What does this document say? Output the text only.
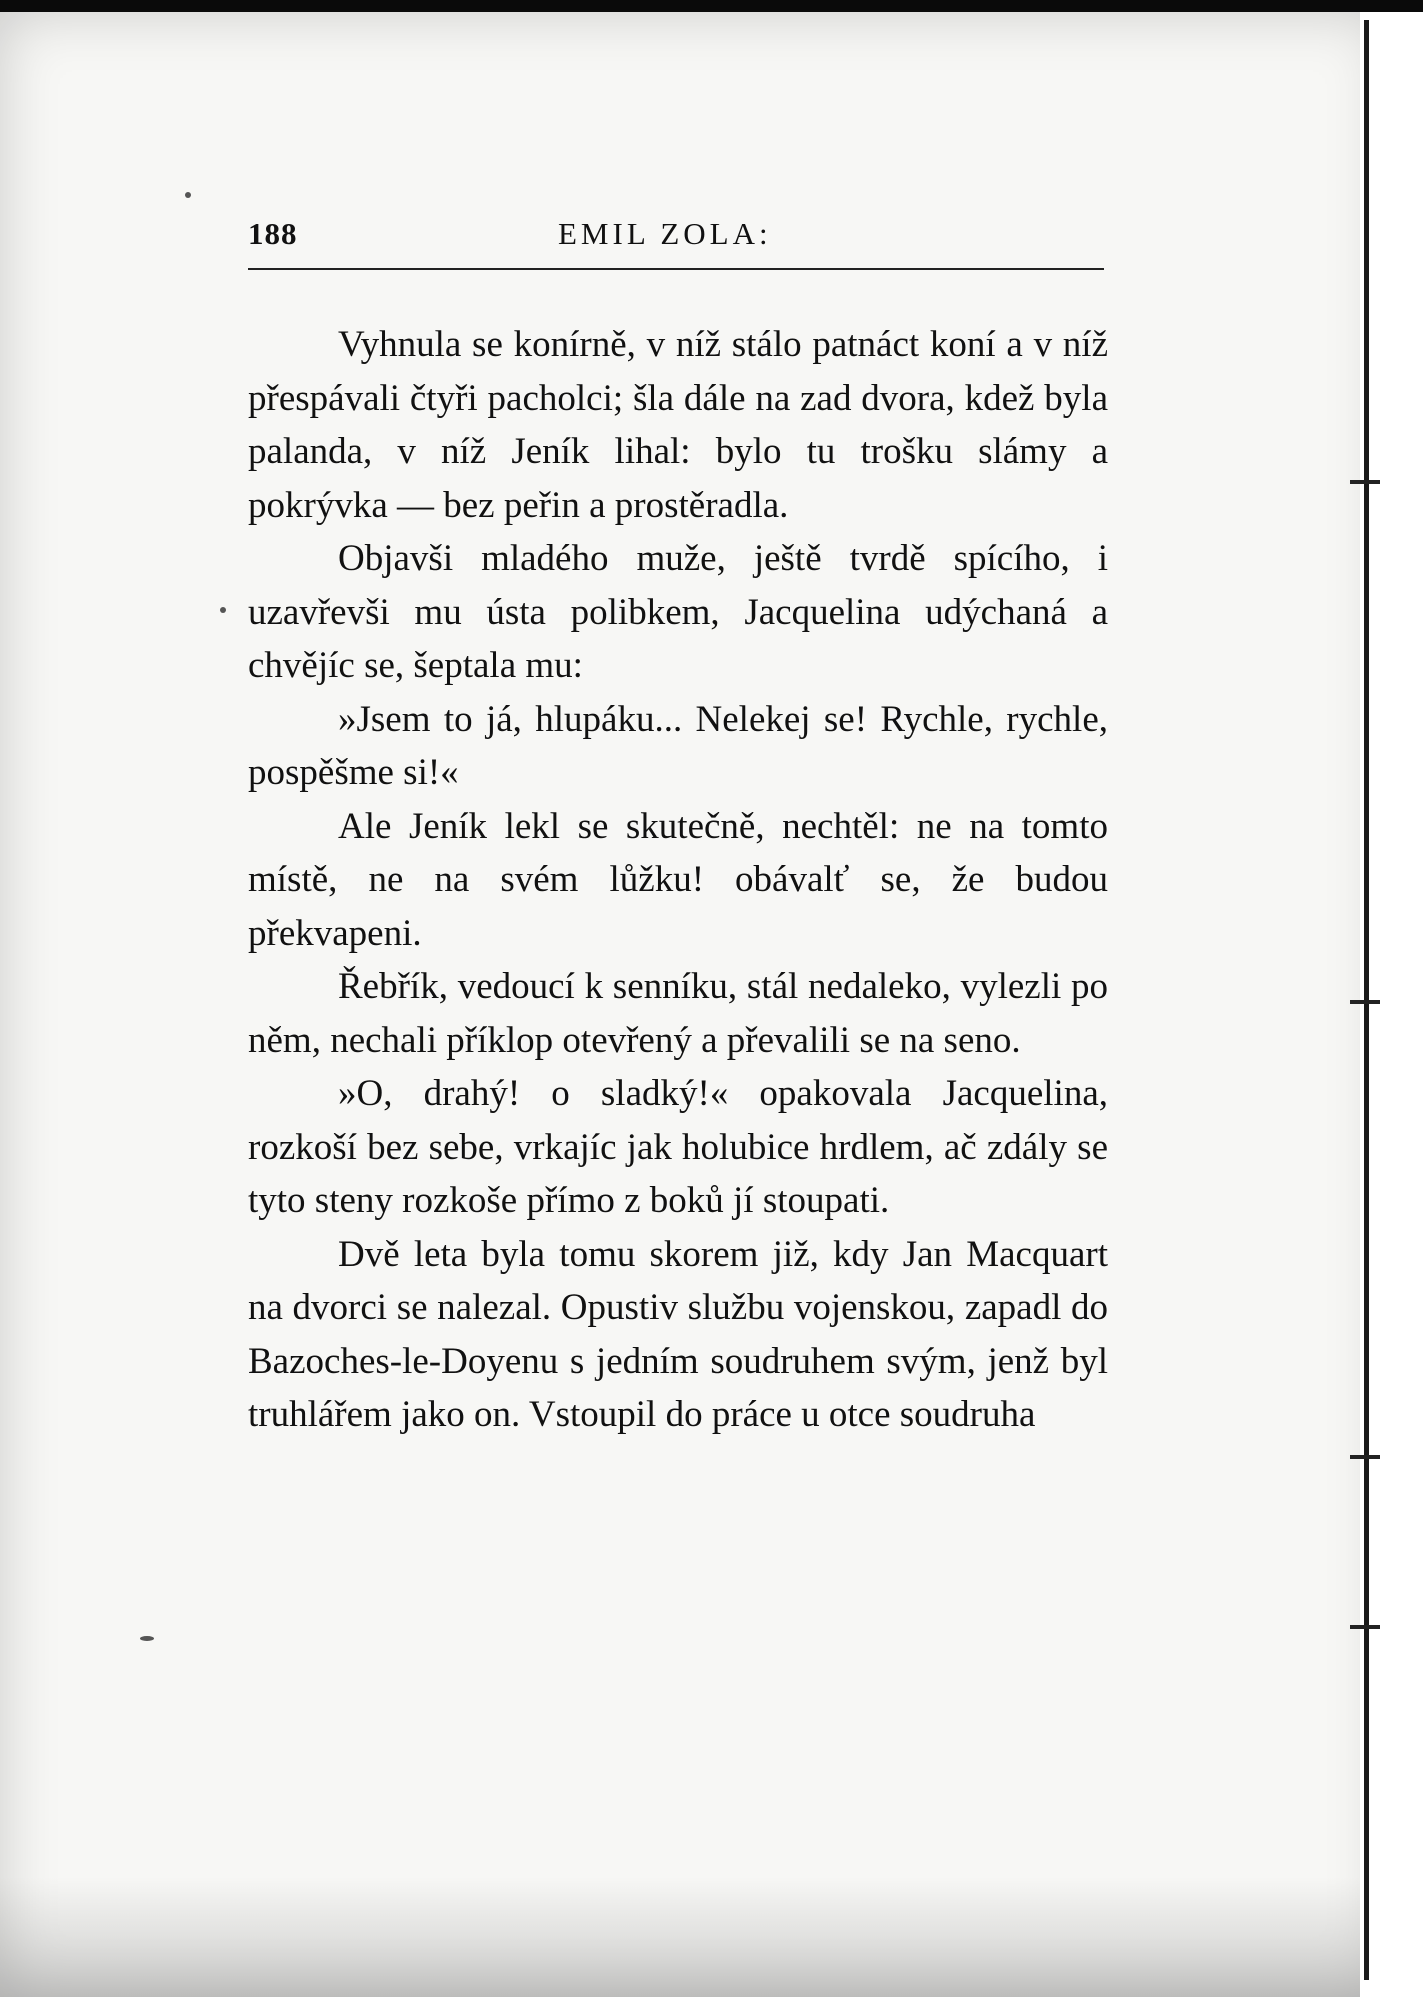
188	EMIL ZOLA:

Vyhnula se konírně, v níž stálo patnáct koní a v níž přespávali čtyři pacholci; šla dále na zad dvora, kdež byla palanda, v níž Jeník lihal: bylo tu trošku slámy a pokrývka — bez peřin a prostěradla.

Objavši mladého muže, ještě tvrdě spícího, i uzavřevši mu ústa polibkem, Jacquelina udýchaná a chvějíc se, šeptala mu:

»Jsem to já, hlupáku... Nelekej se! Rychle, rychle, pospěšme si!«

Ale Jeník lekl se skutečně, nechtěl: ne na tomto místě, ne na svém lůžku! obávalť se, že budou překvapeni.

Řebřík, vedoucí k senníku, stál nedaleko, vylezli po něm, nechali příklop otevřený a převalili se na seno.

»O, drahý! o sladký!« opakovala Jacquelina, rozkoší bez sebe, vrkajíc jak holubice hrdlem, ač zdály se tyto steny rozkoše přímo z boků jí stoupati.

Dvě leta byla tomu skorem již, kdy Jan Macquart na dvorci se nalezal. Opustiv službu vojenskou, zapadl do Bazoches-le-Doyenu s jedním soudruhem svým, jenž byl truhlářem jako on. Vstoupil do práce u otce soudruha
